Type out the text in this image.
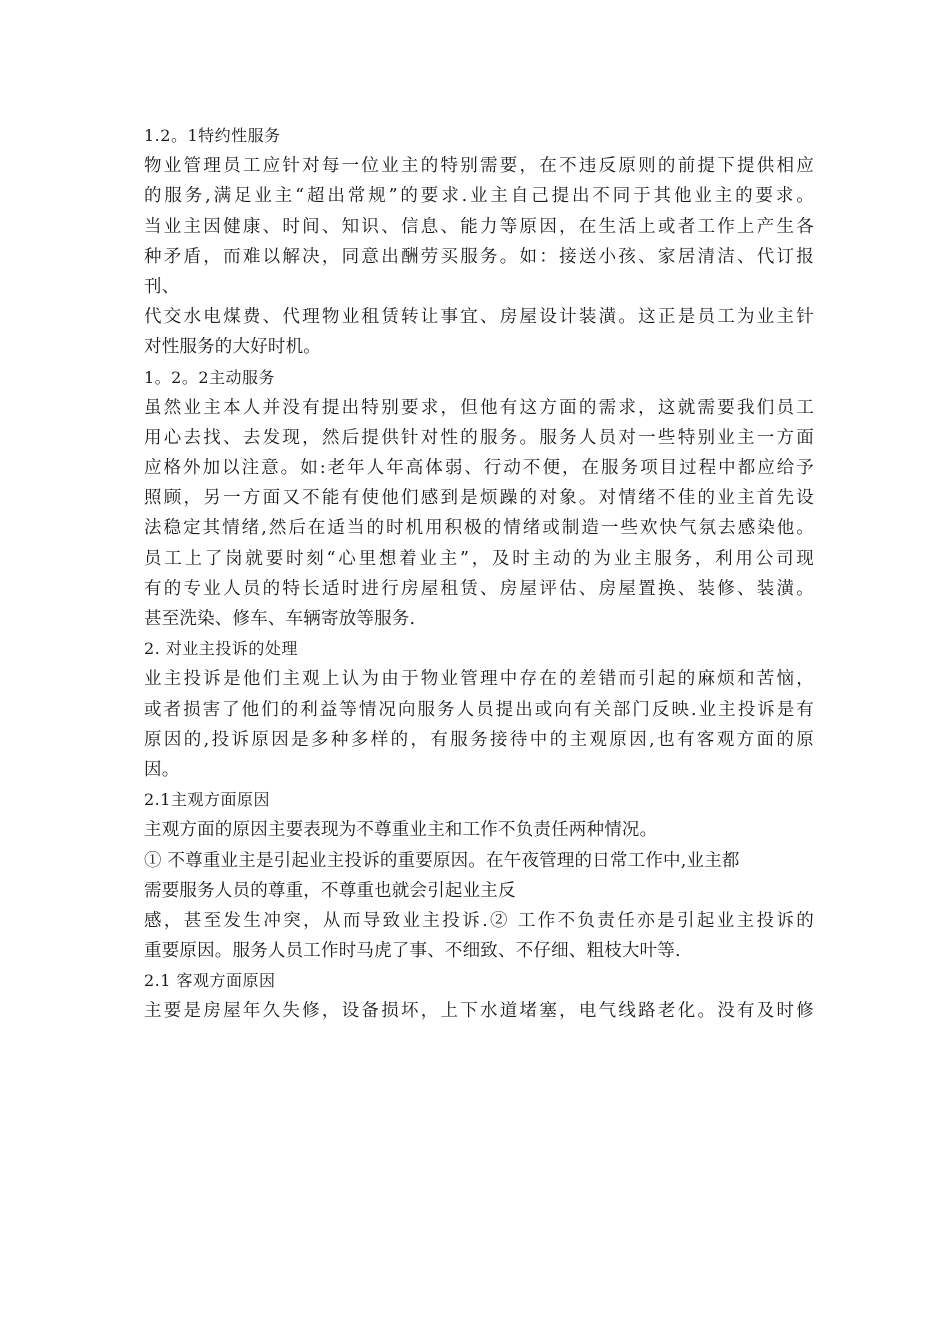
1.2。1特约性服务
物业管理员工应针对每一位业主的特别需要，在不违反原则的前提下提供相应
的服务,满足业主“超出常规”的要求.业主自己提出不同于其他业主的要求。
当业主因健康、时间、知识、信息、能力等原因，在生活上或者工作上产生各
种矛盾，而难以解决，同意出酬劳买服务。如：接送小孩、家居清洁、代订报
刊、
代交水电煤费、代理物业租赁转让事宜、房屋设计装潢。这正是员工为业主针
对性服务的大好时机。
1。2。2主动服务
虽然业主本人并没有提出特别要求，但他有这方面的需求，这就需要我们员工
用心去找、去发现，然后提供针对性的服务。服务人员对一些特别业主一方面
应格外加以注意。如:老年人年高体弱、行动不便，在服务项目过程中都应给予
照顾，另一方面又不能有使他们感到是烦躁的对象。对情绪不佳的业主首先设
法稳定其情绪,然后在适当的时机用积极的情绪或制造一些欢快气氛去感染他。
员工上了岗就要时刻“心里想着业主”，及时主动的为业主服务，利用公司现
有的专业人员的特长适时进行房屋租赁、房屋评估、房屋置换、装修、装潢。
甚至洗染、修车、车辆寄放等服务.
2. 对业主投诉的处理
业主投诉是他们主观上认为由于物业管理中存在的差错而引起的麻烦和苦恼，
或者损害了他们的利益等情况向服务人员提出或向有关部门反映.业主投诉是有
原因的,投诉原因是多种多样的，有服务接待中的主观原因,也有客观方面的原
因。
2.1主观方面原因
主观方面的原因主要表现为不尊重业主和工作不负责任两种情况。
① 不尊重业主是引起业主投诉的重要原因。在午夜管理的日常工作中,业主都
需要服务人员的尊重，不尊重也就会引起业主反
感，甚至发生冲突，从而导致业主投诉.② 工作不负责任亦是引起业主投诉的
重要原因。服务人员工作时马虎了事、不细致、不仔细、粗枝大叶等.
2.1 客观方面原因
主要是房屋年久失修，设备损坏，上下水道堵塞，电气线路老化。没有及时修
